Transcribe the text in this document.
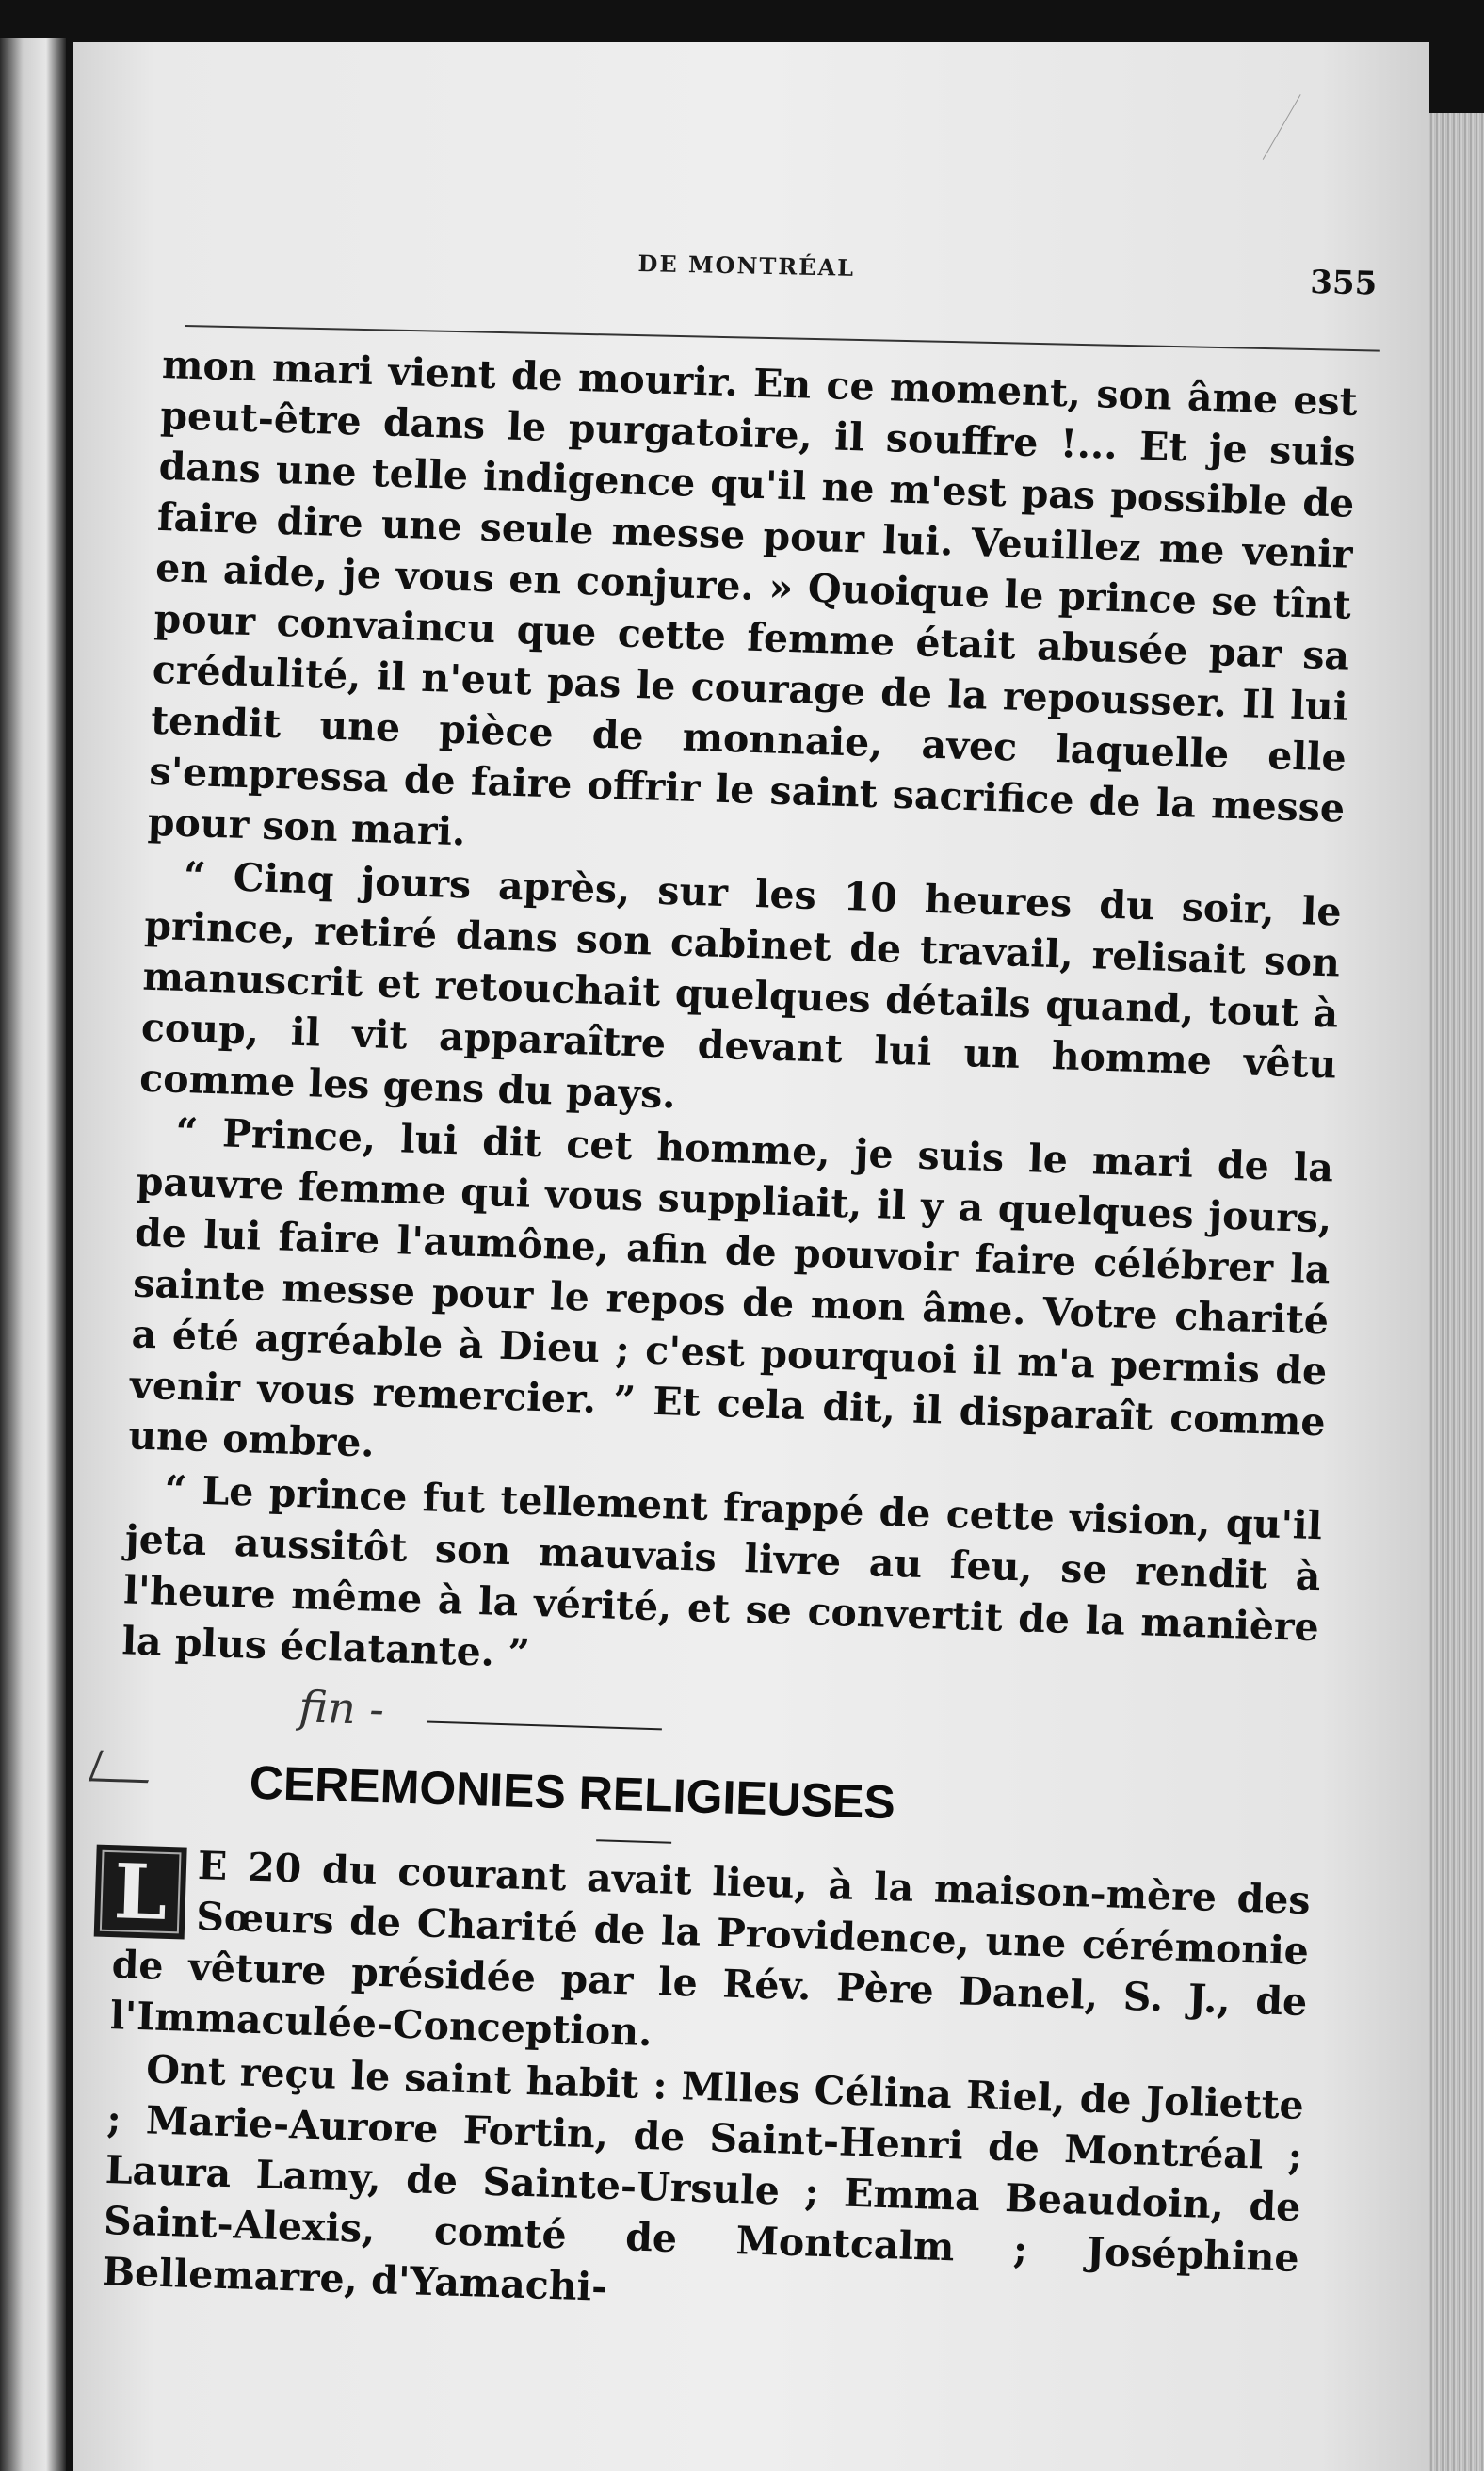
DE MONTRÉAL	355

mon mari vient de mourir. En ce moment, son âme est peut-être dans le purgatoire, il souffre !... Et je suis dans une telle indigence qu'il ne m'est pas possible de faire dire une seule messe pour lui. Veuillez me venir en aide, je vous en conjure. » Quoique le prince se tînt pour convaincu que cette femme était abusée par sa crédulité, il n'eut pas le courage de la repousser. Il lui tendit une pièce de monnaie, avec laquelle elle s'empressa de faire offrir le saint sacrifice de la messe pour son mari.

“ Cinq jours après, sur les 10 heures du soir, le prince, retiré dans son cabinet de travail, relisait son manuscrit et retouchait quelques détails quand, tout à coup, il vit apparaître devant lui un homme vêtu comme les gens du pays.

“ Prince, lui dit cet homme, je suis le mari de la pauvre femme qui vous suppliait, il y a quelques jours, de lui faire l'aumône, afin de pouvoir faire célébrer la sainte messe pour le repos de mon âme. Votre charité a été agréable à Dieu ; c'est pourquoi il m'a permis de venir vous remercier. ” Et cela dit, il disparaît comme une ombre.

“ Le prince fut tellement frappé de cette vision, qu'il jeta aussitôt son mauvais livre au feu, se rendit à l'heure même à la vérité, et se convertit de la manière la plus éclatante. ”

fin -
CEREMONIES RELIGIEUSES

L E 20 du courant avait lieu, à la maison-mère des Sœurs de Charité de la Providence, une cérémonie de vêture présidée par le Rév. Père Danel, S. J., de l'Immaculée-Conception.

Ont reçu le saint habit : Mlles Célina Riel, de Joliette ; Marie-Aurore Fortin, de Saint-Henri de Montréal ; Laura Lamy, de Sainte-Ursule ; Emma Beaudoin, de Saint-Alexis, comté de Montcalm ; Joséphine Bellemarre, d'Yamachi-
